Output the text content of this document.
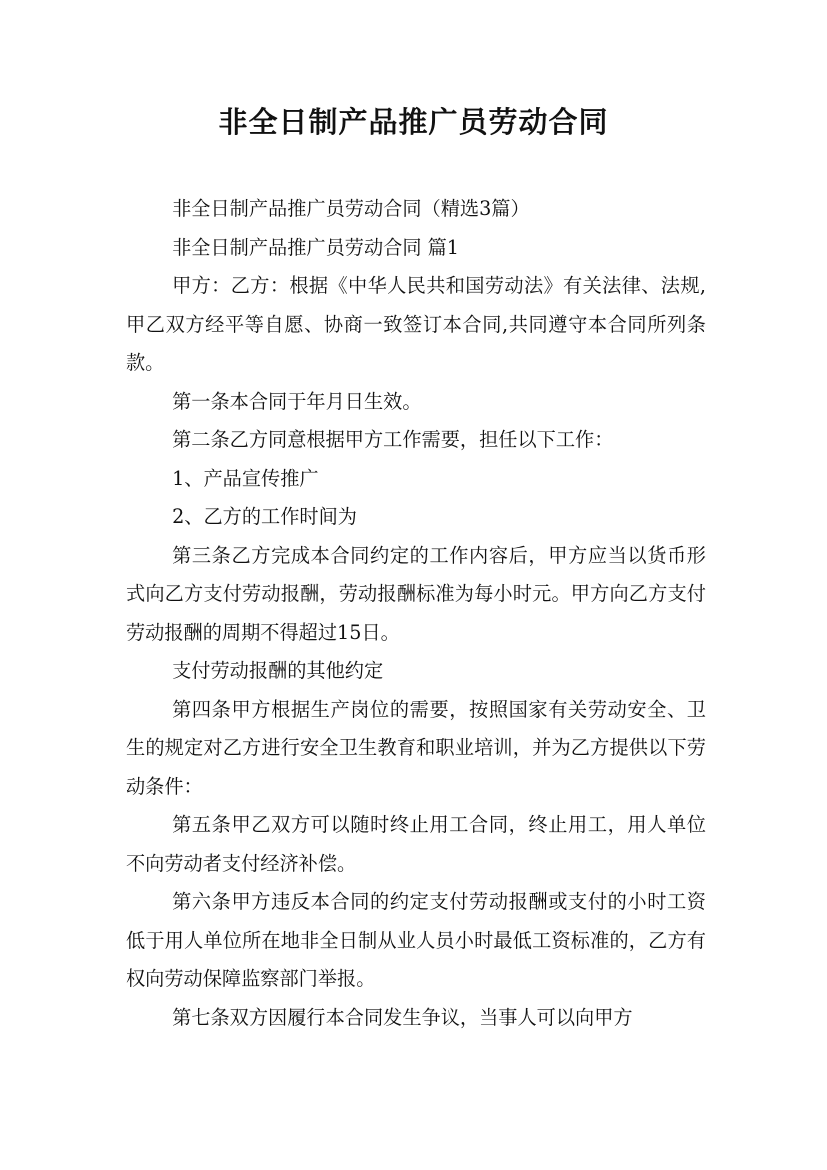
非全日制产品推广员劳动合同

非全日制产品推广员劳动合同（精选3篇）

非全日制产品推广员劳动合同 篇1

甲方：乙方：根据《中华人民共和国劳动法》有关法律、法规,甲乙双方经平等自愿、协商一致签订本合同,共同遵守本合同所列条款。

第一条本合同于年月日生效。

第二条乙方同意根据甲方工作需要，担任以下工作：

1、产品宣传推广

2、乙方的工作时间为

第三条乙方完成本合同约定的工作内容后，甲方应当以货币形式向乙方支付劳动报酬，劳动报酬标准为每小时元。甲方向乙方支付劳动报酬的周期不得超过15日。

支付劳动报酬的其他约定

第四条甲方根据生产岗位的需要，按照国家有关劳动安全、卫生的规定对乙方进行安全卫生教育和职业培训，并为乙方提供以下劳动条件：

第五条甲乙双方可以随时终止用工合同，终止用工，用人单位不向劳动者支付经济补偿。

第六条甲方违反本合同的约定支付劳动报酬或支付的小时工资低于用人单位所在地非全日制从业人员小时最低工资标准的，乙方有权向劳动保障监察部门举报。

第七条双方因履行本合同发生争议，当事人可以向甲方
